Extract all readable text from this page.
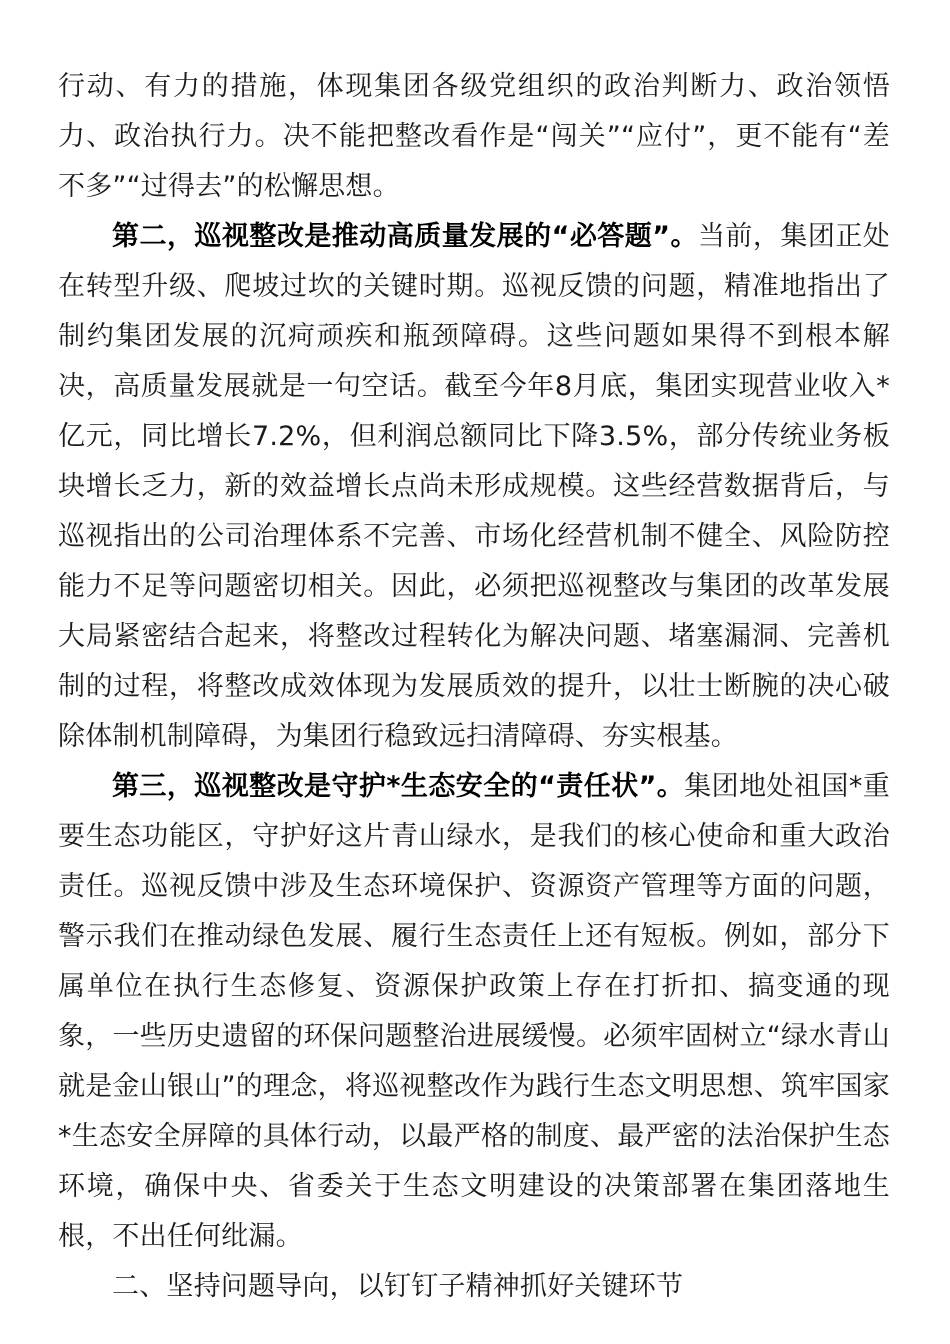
行动、有力的措施，体现集团各级党组织的政治判断力、政治领悟力、政治执行力。决不能把整改看作是“闯关”“应付”，更不能有“差不多”“过得去”的松懈思想。

第二，巡视整改是推动高质量发展的“必答题”。当前，集团正处在转型升级、爬坡过坎的关键时期。巡视反馈的问题，精准地指出了制约集团发展的沉疴顽疾和瓶颈障碍。这些问题如果得不到根本解决，高质量发展就是一句空话。截至今年8月底，集团实现营业收入*亿元，同比增长7.2%，但利润总额同比下降3.5%，部分传统业务板块增长乏力，新的效益增长点尚未形成规模。这些经营数据背后，与巡视指出的公司治理体系不完善、市场化经营机制不健全、风险防控能力不足等问题密切相关。因此，必须把巡视整改与集团的改革发展大局紧密结合起来，将整改过程转化为解决问题、堵塞漏洞、完善机制的过程，将整改成效体现为发展质效的提升，以壮士断腕的决心破除体制机制障碍，为集团行稳致远扫清障碍、夯实根基。

第三，巡视整改是守护*生态安全的“责任状”。集团地处祖国*重要生态功能区，守护好这片青山绿水，是我们的核心使命和重大政治责任。巡视反馈中涉及生态环境保护、资源资产管理等方面的问题，警示我们在推动绿色发展、履行生态责任上还有短板。例如，部分下属单位在执行生态修复、资源保护政策上存在打折扣、搞变通的现象，一些历史遗留的环保问题整治进展缓慢。必须牢固树立“绿水青山就是金山银山”的理念，将巡视整改作为践行生态文明思想、筑牢国家*生态安全屏障的具体行动，以最严格的制度、最严密的法治保护生态环境，确保中央、省委关于生态文明建设的决策部署在集团落地生根，不出任何纰漏。

二、坚持问题导向，以钉钉子精神抓好关键环节
